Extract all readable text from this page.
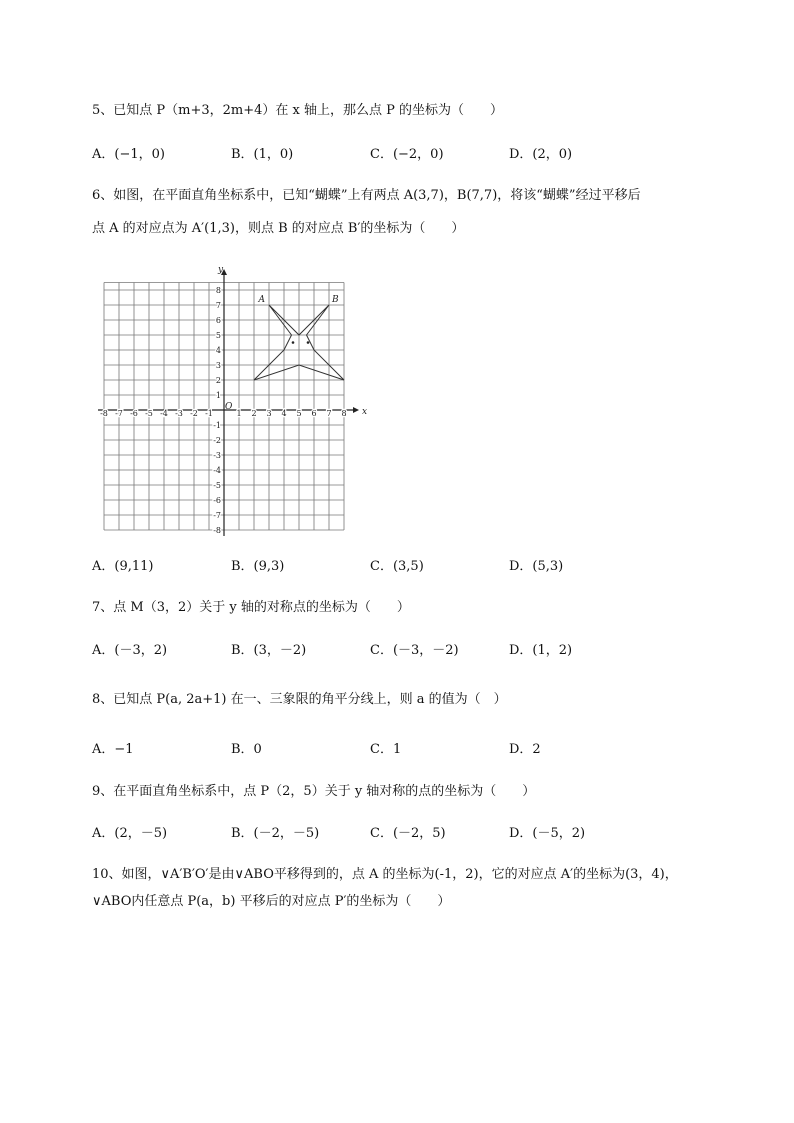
5、已知点 P（m+3，2m+4）在 x 轴上，那么点 P 的坐标为（　　）
A．(−1，0)	B．(1，0)	C．(−2，0)	D．(2，0)
6、如图，在平面直角坐标系中，已知“蝴蝶”上有两点 A(3,7)，B(7,7)，将该“蝴蝶”经过平移后
点 A 的对应点为 A′(1,3)，则点 B 的对应点 B′的坐标为（　　）
x
y
O
-8 -7 -6 -5 -4 -3 -2 -1	1 2 3 4 5 6 7 8
-8
-7
-6
-5
-4
-3
-2
-1
1
2
3
4
5
6
7
8
A	B
A．(9,11)	B．(9,3)	C．(3,5)	D．(5,3)
7、点 M（3，2）关于 y 轴的对称点的坐标为（　　）
A．(－3，2)	B．(3，－2)	C．(－3，－2)	D．(1，2)
8、已知点 P(a, 2a+1) 在一、三象限的角平分线上，则 a 的值为（　）
A．−1	B．0	C．1	D．2
9、在平面直角坐标系中，点 P（2，5）关于 y 轴对称的点的坐标为（　　）
A．(2，－5)	B．(－2，－5)	C．(－2，5)	D．(－5，2)
10、如图，∨A′B′O′是由∨ABO平移得到的，点 A 的坐标为(-1，2)，它的对应点 A′的坐标为(3，4)，
∨ABO内任意点 P(a，b) 平移后的对应点 P′的坐标为（　　）
